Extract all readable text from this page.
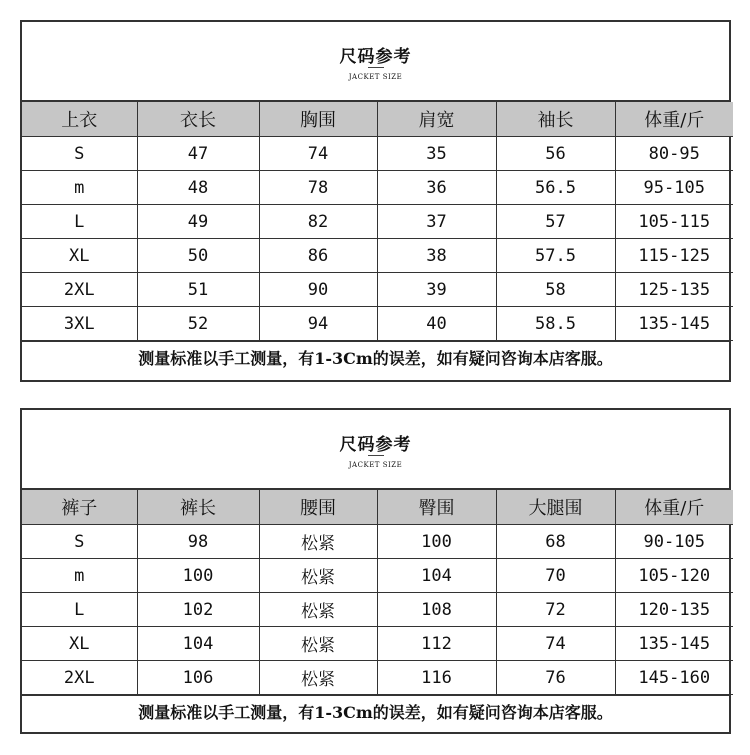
尺码参考
JACKET SIZE
上衣	衣长	胸围	肩宽	袖长	体重/斤
S	47	74	35	56	80-95
m	48	78	36	56.5	95-105
L	49	82	37	57	105-115
XL	50	86	38	57.5	115-125
2XL	51	90	39	58	125-135
3XL	52	94	40	58.5	135-145
测量标准以手工测量，有1-3Cm的误差，如有疑问咨询本店客服。
尺码参考
JACKET SIZE
裤子	裤长	腰围	臀围	大腿围	体重/斤
S	98	松紧	100	68	90-105
m	100	松紧	104	70	105-120
L	102	松紧	108	72	120-135
XL	104	松紧	112	74	135-145
2XL	106	松紧	116	76	145-160
测量标准以手工测量，有1-3Cm的误差，如有疑问咨询本店客服。
